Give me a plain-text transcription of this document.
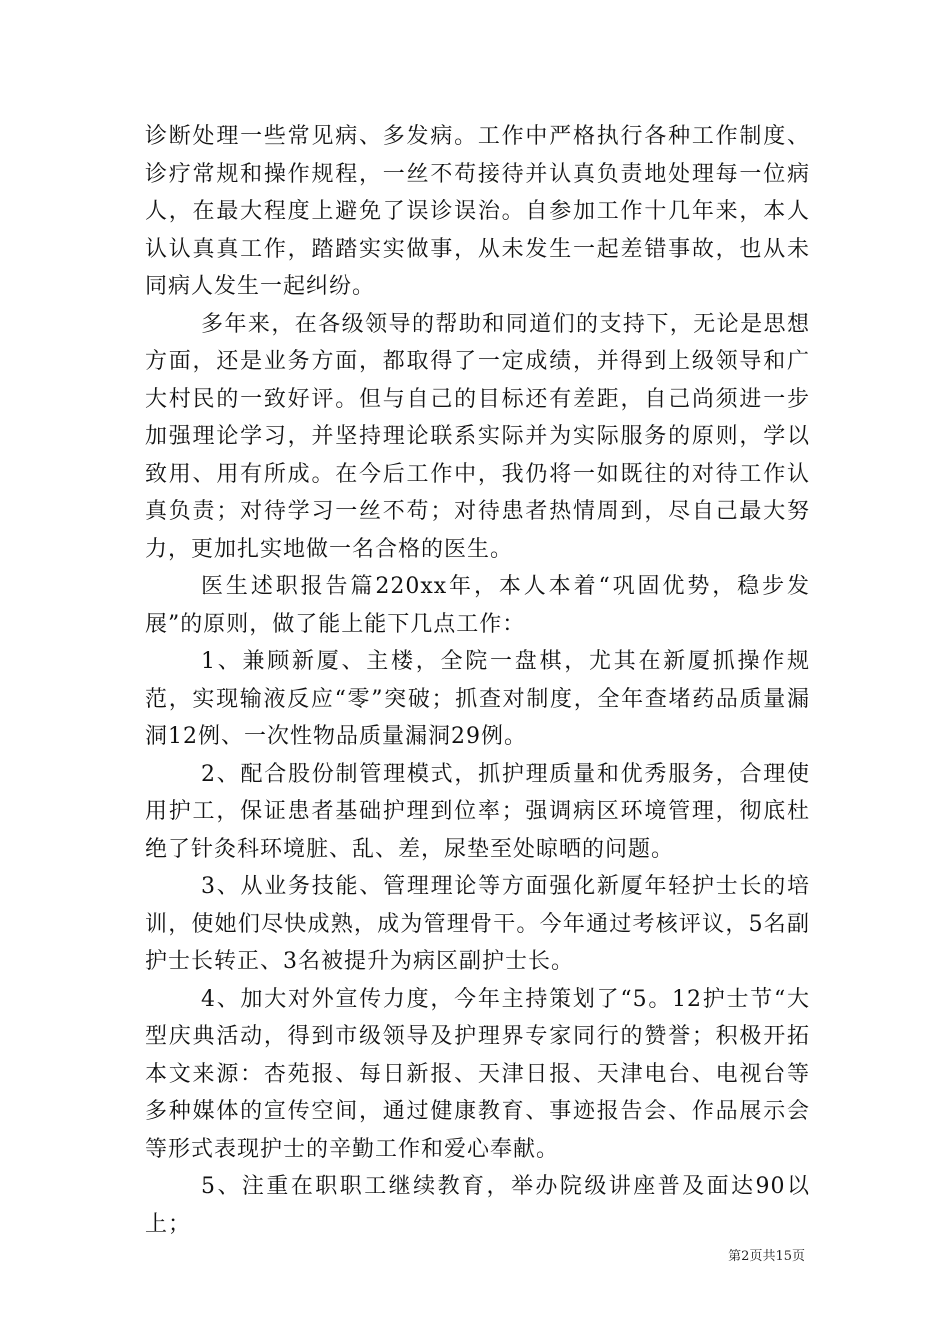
诊断处理一些常见病、多发病。工作中严格执行各种工作制度、诊疗常规和操作规程，一丝不苟接待并认真负责地处理每一位病人，在最大程度上避免了误诊误治。自参加工作十几年来，本人认认真真工作，踏踏实实做事，从未发生一起差错事故，也从未同病人发生一起纠纷。

多年来，在各级领导的帮助和同道们的支持下，无论是思想方面，还是业务方面，都取得了一定成绩，并得到上级领导和广大村民的一致好评。但与自己的目标还有差距，自己尚须进一步加强理论学习，并坚持理论联系实际并为实际服务的原则，学以致用、用有所成。在今后工作中，我仍将一如既往的对待工作认真负责；对待学习一丝不苟；对待患者热情周到，尽自己最大努力，更加扎实地做一名合格的医生。

医生述职报告篇220xx年，本人本着“巩固优势，稳步发展”的原则，做了能上能下几点工作：

1、兼顾新厦、主楼，全院一盘棋，尤其在新厦抓操作规范，实现输液反应“零”突破；抓查对制度，全年查堵药品质量漏洞12例、一次性物品质量漏洞29例。

2、配合股份制管理模式，抓护理质量和优秀服务，合理使用护工，保证患者基础护理到位率；强调病区环境管理，彻底杜绝了针灸科环境脏、乱、差，尿垫至处晾晒的问题。

3、从业务技能、管理理论等方面强化新厦年轻护士长的培训，使她们尽快成熟，成为管理骨干。今年通过考核评议，5名副护士长转正、3名被提升为病区副护士长。

4、加大对外宣传力度，今年主持策划了“5。12护士节“大型庆典活动，得到市级领导及护理界专家同行的赞誉；积极开拓本文来源：杏苑报、每日新报、天津日报、天津电台、电视台等多种媒体的宣传空间，通过健康教育、事迹报告会、作品展示会等形式表现护士的辛勤工作和爱心奉献。

5、注重在职职工继续教育，举办院级讲座普及面达90以上；

第2页共15页
